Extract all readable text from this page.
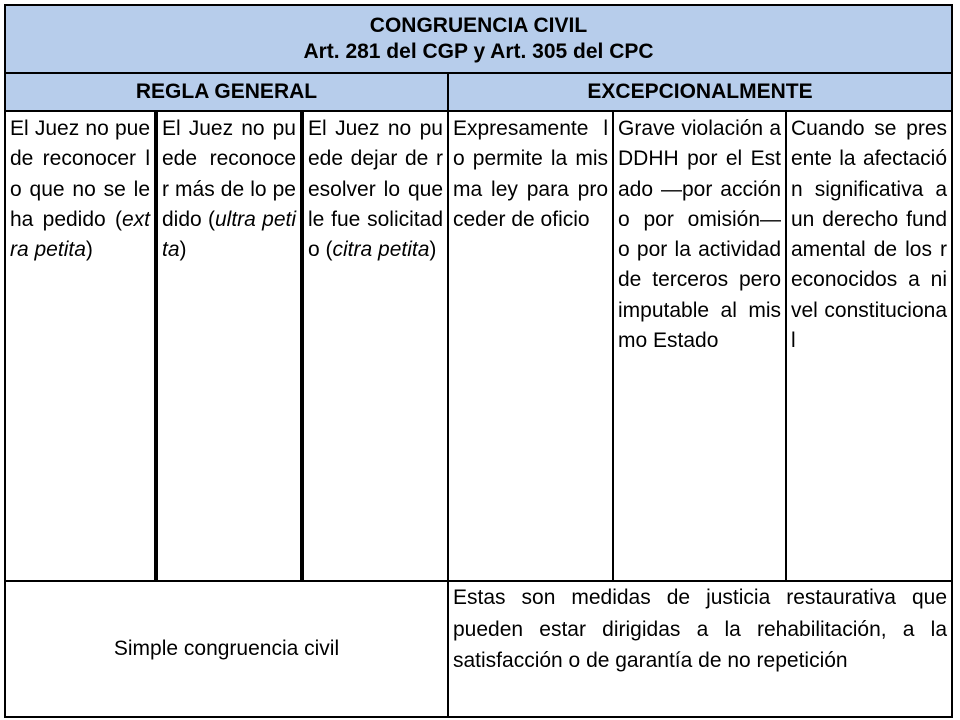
CONGRUENCIA CIVIL
Art. 281 del CGP y Art. 305 del CPC					

REGLA GENERAL			EXCEPCIONALMENTE		
El Juez no puede reconocer lo que no se le ha pedido (extra petita)	El Juez no puede reconocer más de lo pedido (ultra petita)	El Juez no puede dejar de resolver lo que le fue solicitado (citra petita)	Expresamente lo permite la misma ley para proceder de oficio	Grave violación a DDHH por el Estado —por acción o por omisión— o por la actividad de terceros pero imputable al mismo Estado	Cuando se presente la afectación significativa a un derecho fundamental de los reconocidos a nivel constitucional
Simple congruencia civil			Estas son medidas de justicia restaurativa que pueden estar dirigidas a la rehabilitación, a la satisfacción o de garantía de no repetición		
